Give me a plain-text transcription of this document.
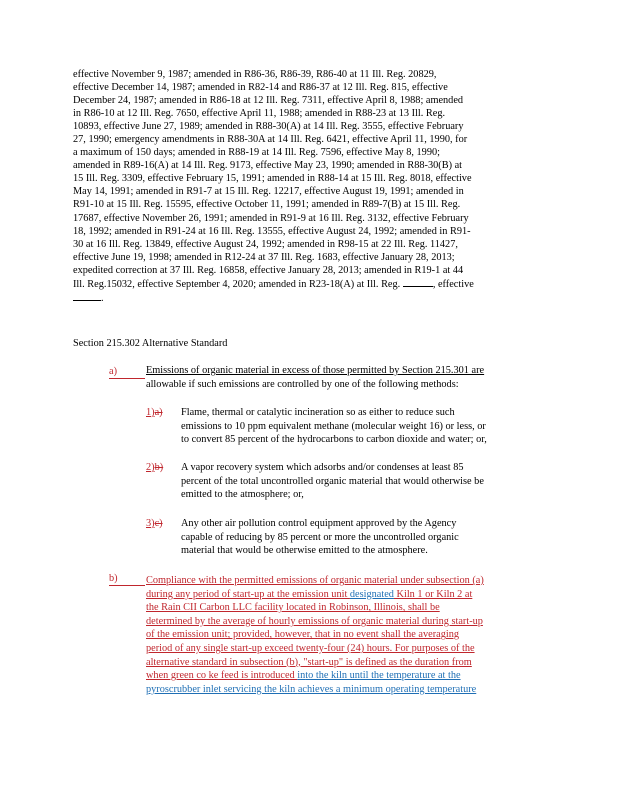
effective November 9, 1987; amended in R86-36, R86-39, R86-40 at 11 Ill. Reg. 20829,
effective December 14, 1987; amended in R82-14 and R86-37 at 12 Ill. Reg. 815, effective
December 24, 1987; amended in R86-18 at 12 Ill. Reg. 7311, effective April 8, 1988; amended
in R86-10 at 12 Ill. Reg. 7650, effective April 11, 1988; amended in R88-23 at 13 Ill. Reg.
10893, effective June 27, 1989; amended in R88-30(A) at 14 Ill. Reg. 3555, effective February
27, 1990; emergency amendments in R88-30A at 14 Ill. Reg. 6421, effective April 11, 1990, for
a maximum of 150 days; amended in R88-19 at 14 Ill. Reg. 7596, effective May 8, 1990;
amended in R89-16(A) at 14 Ill. Reg. 9173, effective May 23, 1990; amended in R88-30(B) at
15 Ill. Reg. 3309, effective February 15, 1991; amended in R88-14 at 15 Ill. Reg. 8018, effective
May 14, 1991; amended in R91-7 at 15 Ill. Reg. 12217, effective August 19, 1991; amended in
R91-10 at 15 Ill. Reg. 15595, effective October 11, 1991; amended in R89-7(B) at 15 Ill. Reg.
17687, effective November 26, 1991; amended in R91-9 at 16 Ill. Reg. 3132, effective February
18, 1992; amended in R91-24 at 16 Ill. Reg. 13555, effective August 24, 1992; amended in R91-
30 at 16 Ill. Reg. 13849, effective August 24, 1992; amended in R98-15 at 22 Ill. Reg. 11427,
effective June 19, 1998; amended in R12-24 at 37 Ill. Reg. 1683, effective January 28, 2013;
expedited correction at 37 Ill. Reg. 16858, effective January 28, 2013; amended in R19-1 at 44
Ill. Reg.15032, effective September 4, 2020; amended in R23-18(A) at Ill. Reg.	, effective
.
Section 215.302 Alternative Standard
a)	Emissions of organic material in excess of those permitted by Section 215.301 are
allowable if such emissions are controlled by one of the following methods:
1)a) Flame, thermal or catalytic incineration so as either to reduce such
emissions to 10 ppm equivalent methane (molecular weight 16) or less, or
to convert 85 percent of the hydrocarbons to carbon dioxide and water; or,
2)b) A vapor recovery system which adsorbs and/or condenses at least 85
percent of the total uncontrolled organic material that would otherwise be
emitted to the atmosphere; or,
3)c) Any other air pollution control equipment approved by the Agency
capable of reducing by 85 percent or more the uncontrolled organic
material that would be otherwise emitted to the atmosphere.
b)	Compliance with the permitted emissions of organic material under subsection (a)
during any period of start-up at the emission unit designated Kiln 1 or Kiln 2 at
the Rain CII Carbon LLC facility located in Robinson, Illinois, shall be
determined by the average of hourly emissions of organic material during start-up
of the emission unit; provided, however, that in no event shall the averaging
period of any single start-up exceed twenty-four (24) hours. For purposes of the
alternative standard in subsection (b), "start-up" is defined as the duration from
when green co ke feed is introduced into the kiln until the temperature at the
pyroscrubber inlet servicing the kiln achieves a minimum operating temperature
